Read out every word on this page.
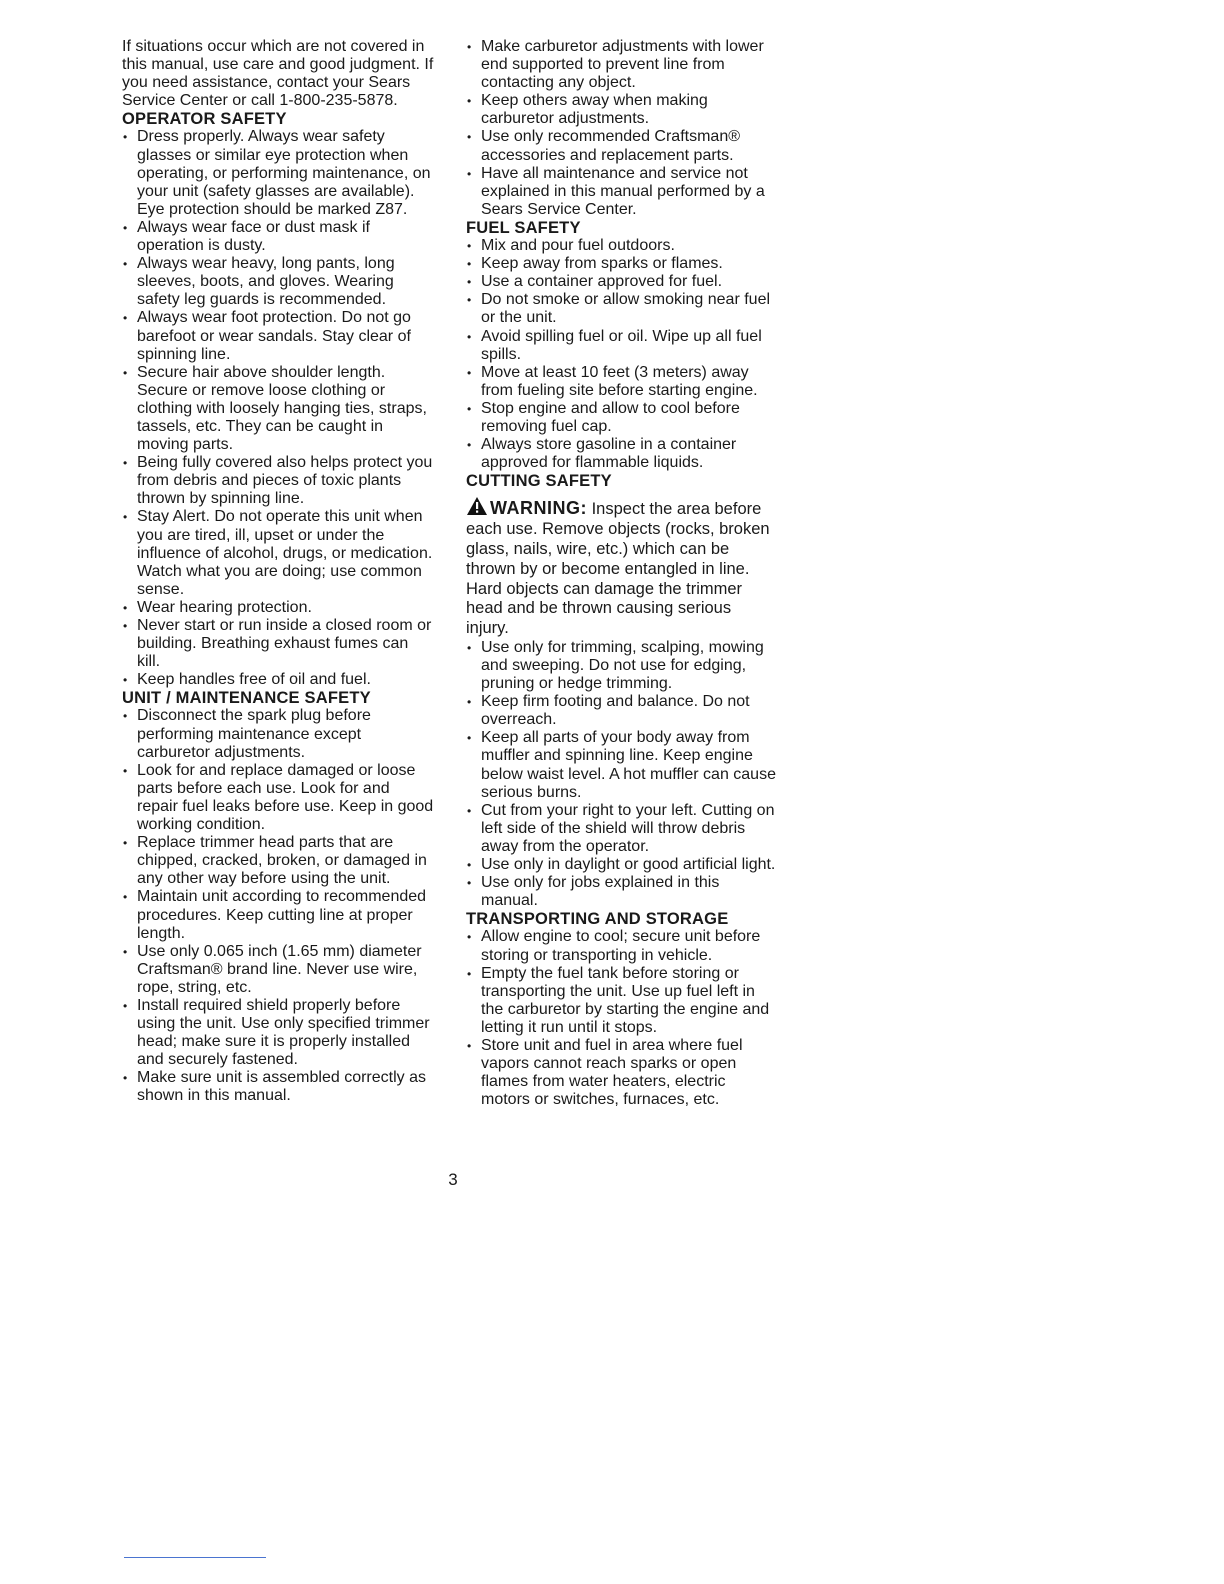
If situations occur which are not covered in this manual, use care and good judgment. If you need assistance, contact your Sears Service Center or call 1-800-235-5878.

OPERATOR SAFETY

• Dress properly. Always wear safety glasses or similar eye protection when operating, or performing maintenance, on your unit (safety glasses are available). Eye protection should be marked Z87.
• Always wear face or dust mask if operation is dusty.
• Always wear heavy, long pants, long sleeves, boots, and gloves. Wearing safety leg guards is recommended.
• Always wear foot protection. Do not go barefoot or wear sandals. Stay clear of spinning line.
• Secure hair above shoulder length. Secure or remove loose clothing or clothing with loosely hanging ties, straps, tassels, etc. They can be caught in moving parts.
• Being fully covered also helps protect you from debris and pieces of toxic plants thrown by spinning line.
• Stay Alert. Do not operate this unit when you are tired, ill, upset or under the influence of alcohol, drugs, or medication. Watch what you are doing; use common sense.
• Wear hearing protection.
• Never start or run inside a closed room or building. Breathing exhaust fumes can kill.
• Keep handles free of oil and fuel.

UNIT / MAINTENANCE SAFETY

• Disconnect the spark plug before performing maintenance except carburetor adjustments.
• Look for and replace damaged or loose parts before each use. Look for and repair fuel leaks before use. Keep in good working condition.
• Replace trimmer head parts that are chipped, cracked, broken, or damaged in any other way before using the unit.
• Maintain unit according to recommended procedures. Keep cutting line at proper length.
• Use only 0.065 inch (1.65 mm) diameter Craftsman® brand line. Never use wire, rope, string, etc.
• Install required shield properly before using the unit. Use only specified trimmer head; make sure it is properly installed and securely fastened.
• Make sure unit is assembled correctly as shown in this manual.
• Make carburetor adjustments with lower end supported to prevent line from contacting any object.
• Keep others away when making carburetor adjustments.
• Use only recommended Craftsman® accessories and replacement parts.
• Have all maintenance and service not explained in this manual performed by a Sears Service Center.

FUEL SAFETY

• Mix and pour fuel outdoors.
• Keep away from sparks or flames.
• Use a container approved for fuel.
• Do not smoke or allow smoking near fuel or the unit.
• Avoid spilling fuel or oil. Wipe up all fuel spills.
• Move at least 10 feet (3 meters) away from fueling site before starting engine.
• Stop engine and allow to cool before removing fuel cap.
• Always store gasoline in a container approved for flammable liquids.

CUTTING SAFETY

WARNING: Inspect the area before each use. Remove objects (rocks, broken glass, nails, wire, etc.) which can be thrown by or become entangled in line. Hard objects can damage the trimmer head and be thrown causing serious injury.

• Use only for trimming, scalping, mowing and sweeping. Do not use for edging, pruning or hedge trimming.
• Keep firm footing and balance. Do not overreach.
• Keep all parts of your body away from muffler and spinning line. Keep engine below waist level. A hot muffler can cause serious burns.
• Cut from your right to your left. Cutting on left side of the shield will throw debris away from the operator.
• Use only in daylight or good artificial light.
• Use only for jobs explained in this manual.

TRANSPORTING AND STORAGE

• Allow engine to cool; secure unit before storing or transporting in vehicle.
• Empty the fuel tank before storing or transporting the unit. Use up fuel left in the carburetor by starting the engine and letting it run until it stops.
• Store unit and fuel in area where fuel vapors cannot reach sparks or open flames from water heaters, electric motors or switches, furnaces, etc.
3
